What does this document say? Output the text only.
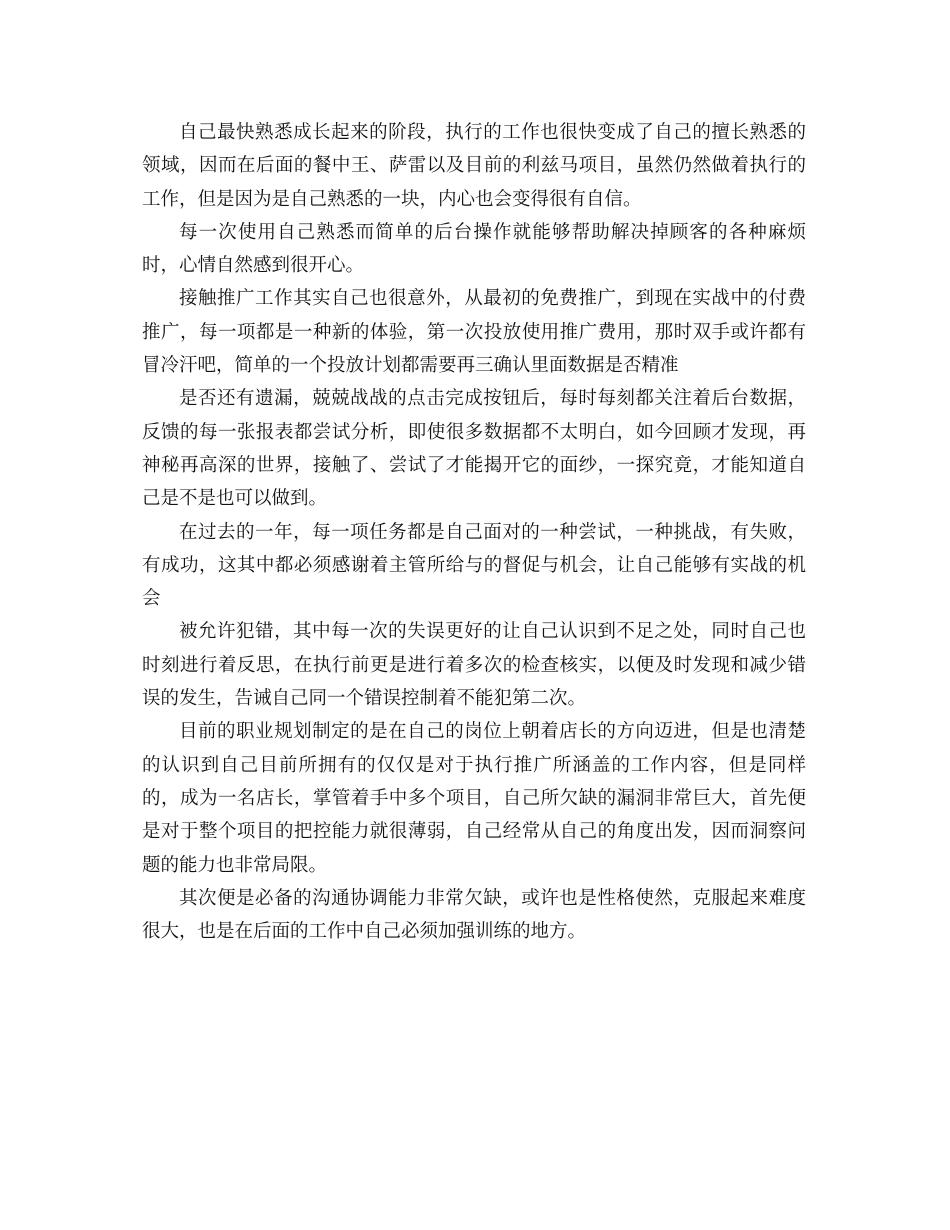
自己最快熟悉成长起来的阶段，执行的工作也很快变成了自己的擅长熟悉的领域，因而在后面的餐中王、萨雷以及目前的利兹马项目，虽然仍然做着执行的工作，但是因为是自己熟悉的一块，内心也会变得很有自信。

每一次使用自己熟悉而简单的后台操作就能够帮助解决掉顾客的各种麻烦时，心情自然感到很开心。

接触推广工作其实自己也很意外，从最初的免费推广，到现在实战中的付费推广，每一项都是一种新的体验，第一次投放使用推广费用，那时双手或许都有冒冷汗吧，简单的一个投放计划都需要再三确认里面数据是否精准

是否还有遗漏，兢兢战战的点击完成按钮后，每时每刻都关注着后台数据，反馈的每一张报表都尝试分析，即使很多数据都不太明白，如今回顾才发现，再神秘再高深的世界，接触了、尝试了才能揭开它的面纱，一探究竟，才能知道自己是不是也可以做到。

在过去的一年，每一项任务都是自己面对的一种尝试，一种挑战，有失败，有成功，这其中都必须感谢着主管所给与的督促与机会，让自己能够有实战的机会

被允许犯错，其中每一次的失误更好的让自己认识到不足之处，同时自己也时刻进行着反思，在执行前更是进行着多次的检查核实，以便及时发现和减少错误的发生，告诫自己同一个错误控制着不能犯第二次。

目前的职业规划制定的是在自己的岗位上朝着店长的方向迈进，但是也清楚的认识到自己目前所拥有的仅仅是对于执行推广所涵盖的工作内容，但是同样的，成为一名店长，掌管着手中多个项目，自己所欠缺的漏洞非常巨大，首先便是对于整个项目的把控能力就很薄弱，自己经常从自己的角度出发，因而洞察问题的能力也非常局限。

其次便是必备的沟通协调能力非常欠缺，或许也是性格使然，克服起来难度很大，也是在后面的工作中自己必须加强训练的地方。
